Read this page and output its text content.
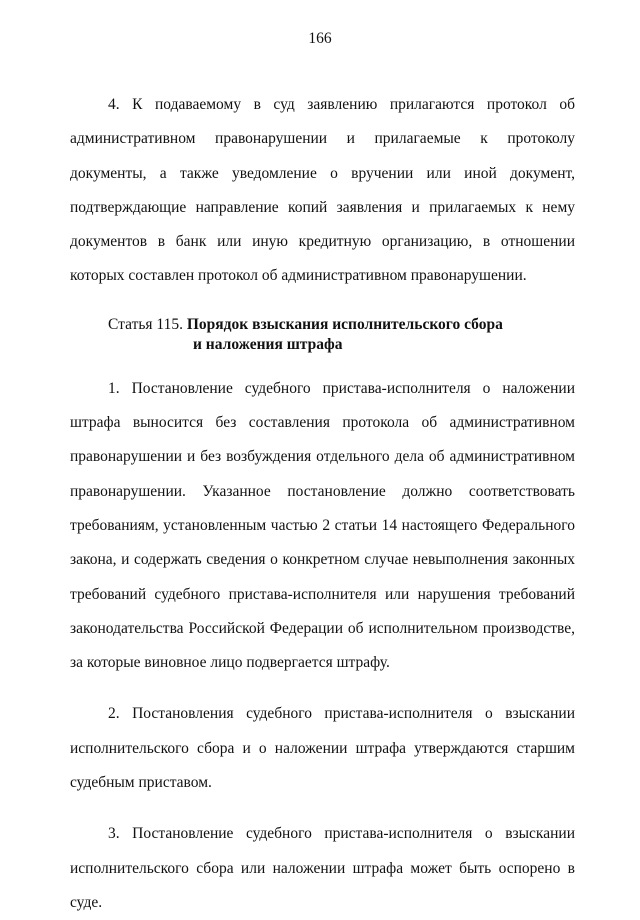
166

4. К подаваемому в суд заявлению прилагаются протокол об административном правонарушении и прилагаемые к протоколу документы, а также уведомление о вручении или иной документ, подтверждающие направление копий заявления и прилагаемых к нему документов в банк или иную кредитную организацию, в отношении которых составлен протокол об административном правонарушении.

Статья 115. Порядок взыскания исполнительского сбора
и наложения штрафа

1. Постановление судебного пристава-исполнителя о наложении штрафа выносится без составления протокола об административном правонарушении и без возбуждения отдельного дела об административном правонарушении. Указанное постановление должно соответствовать требованиям, установленным частью 2 статьи 14 настоящего Федерального закона, и содержать сведения о конкретном случае невыполнения законных требований судебного пристава-исполнителя или нарушения требований законодательства Российской Федерации об исполнительном производстве, за которые виновное лицо подвергается штрафу.

2. Постановления судебного пристава-исполнителя о взыскании исполнительского сбора и о наложении штрафа утверждаются старшим судебным приставом.

3. Постановление судебного пристава-исполнителя о взыскании исполнительского сбора или наложении штрафа может быть оспорено в суде.
